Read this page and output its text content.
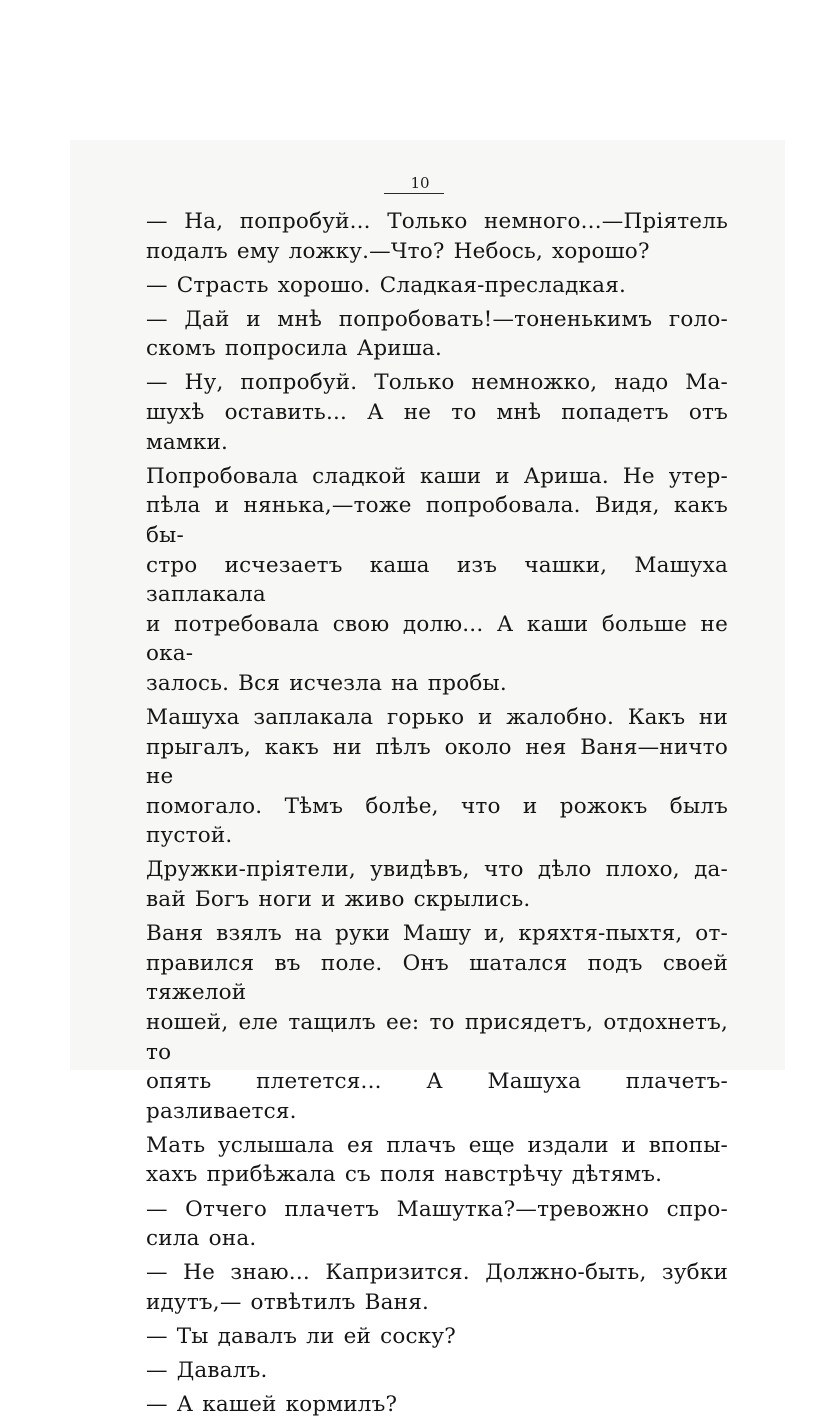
10

— На, попробуй... Только немного...—Пріятель
подалъ ему ложку.—Что? Небось, хорошо?

— Страсть хорошо. Сладкая-пресладкая.

— Дай и мнѣ попробовать!—тоненькимъ голо-
скомъ попросила Ариша.

— Ну, попробуй. Только немножко, надо Ма-
шухѣ оставить... А не то мнѣ попадетъ отъ мамки.

Попробовала сладкой каши и Ариша. Не утер-
пѣла и нянька,—тоже попробовала. Видя, какъ бы-
стро исчезаетъ каша изъ чашки, Машуха заплакала
и потребовала свою долю... А каши больше не ока-
залось. Вся исчезла на пробы.

Машуха заплакала горько и жалобно. Какъ ни
прыгалъ, какъ ни пѣлъ около нея Ваня—ничто не
помогало. Тѣмъ болѣе, что и рожокъ былъ пустой.

Дружки-пріятели, увидѣвъ, что дѣло плохо, да-
вай Богъ ноги и живо скрылись.

Ваня взялъ на руки Машу и, кряхтя-пыхтя, от-
правился въ поле. Онъ шатался подъ своей тяжелой
ношей, еле тащилъ ее: то присядетъ, отдохнетъ, то
опять плетется... А Машуха плачетъ-разливается.

Мать услышала ея плачъ еще издали и впопы-
хахъ прибѣжала съ поля навстрѣчу дѣтямъ.

— Отчего плачетъ Машутка?—тревожно спро-
сила она.

— Не знаю... Капризится. Должно-быть, зубки
идутъ,— отвѣтилъ Ваня.

— Ты давалъ ли ей соску?

— Давалъ.

— А кашей кормилъ?
